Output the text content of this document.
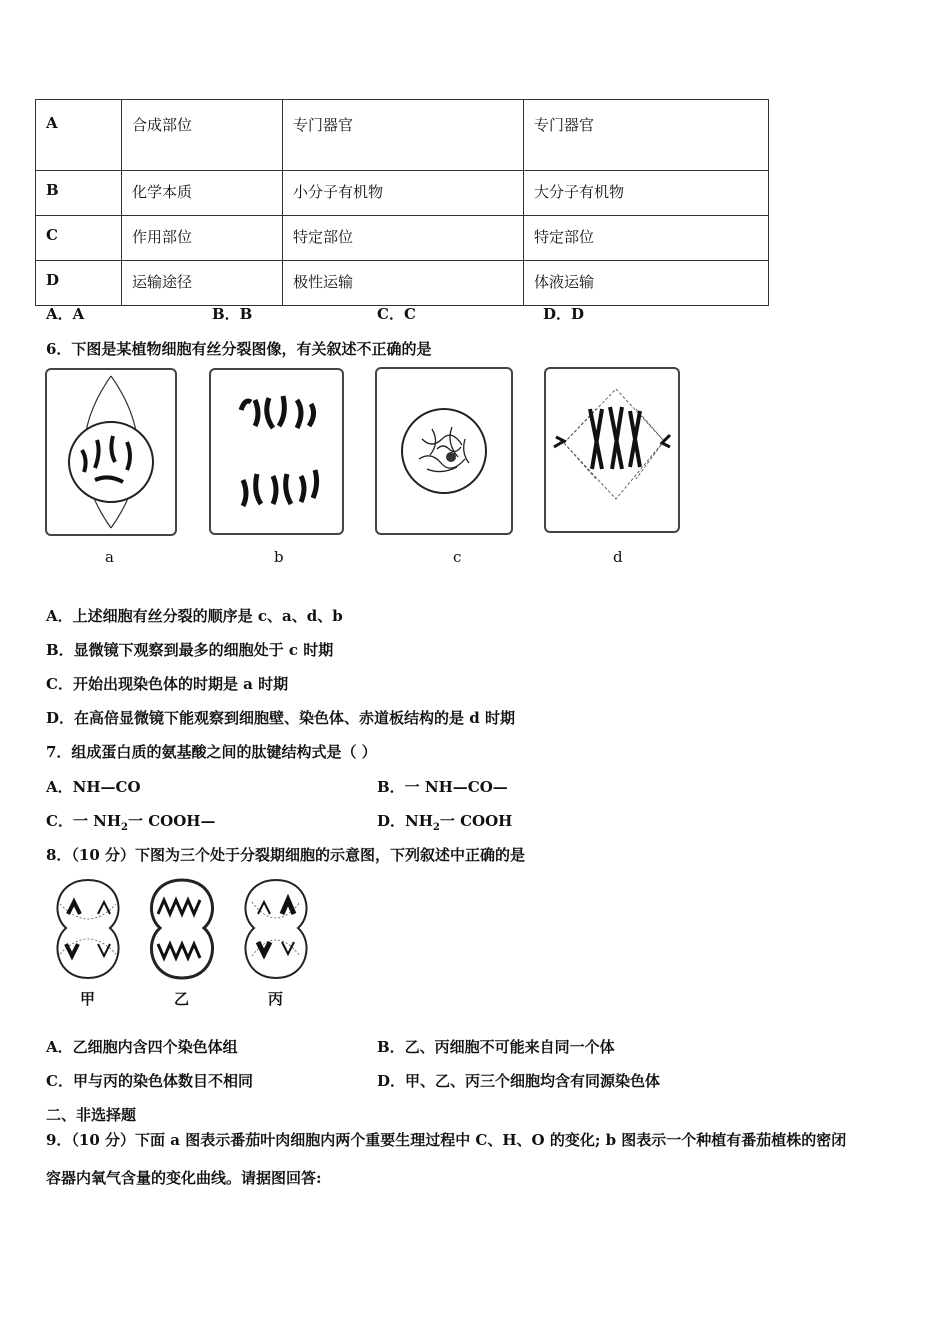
A	合成部位	专门器官	专门器官
B	化学本质	小分子有机物	大分子有机物
C	作用部位	特定部位	特定部位
D	运输途径	极性运输	体液运输
A．A	B．B	C．C	D．D
6．下图是某植物细胞有丝分裂图像，有关叙述不正确的是
a	b	c	d
A．上述细胞有丝分裂的顺序是 c、a、d、b
B．显微镜下观察到最多的细胞处于 c 时期
C．开始出现染色体的时期是 a 时期
D．在高倍显微镜下能观察到细胞壁、染色体、赤道板结构的是 d 时期
7．组成蛋白质的氨基酸之间的肽键结构式是（ ）
A．NH—CO	B．一 NH—CO—
C．一 $NH_2$一 COOH—	D．$NH_2$一 COOH
8．（10 分）下图为三个处于分裂期细胞的示意图，下列叙述中正确的是
甲	乙	丙
A．乙细胞内含四个染色体组	B．乙、丙细胞不可能来自同一个体
C．甲与丙的染色体数目不相同	D．甲、乙、丙三个细胞均含有同源染色体
二、非选择题
9．（10 分）下面 a 图表示番茄叶肉细胞内两个重要生理过程中 C、H、O 的变化; b 图表示一个种植有番茄植株的密闭
容器内氧气含量的变化曲线。请据图回答:
